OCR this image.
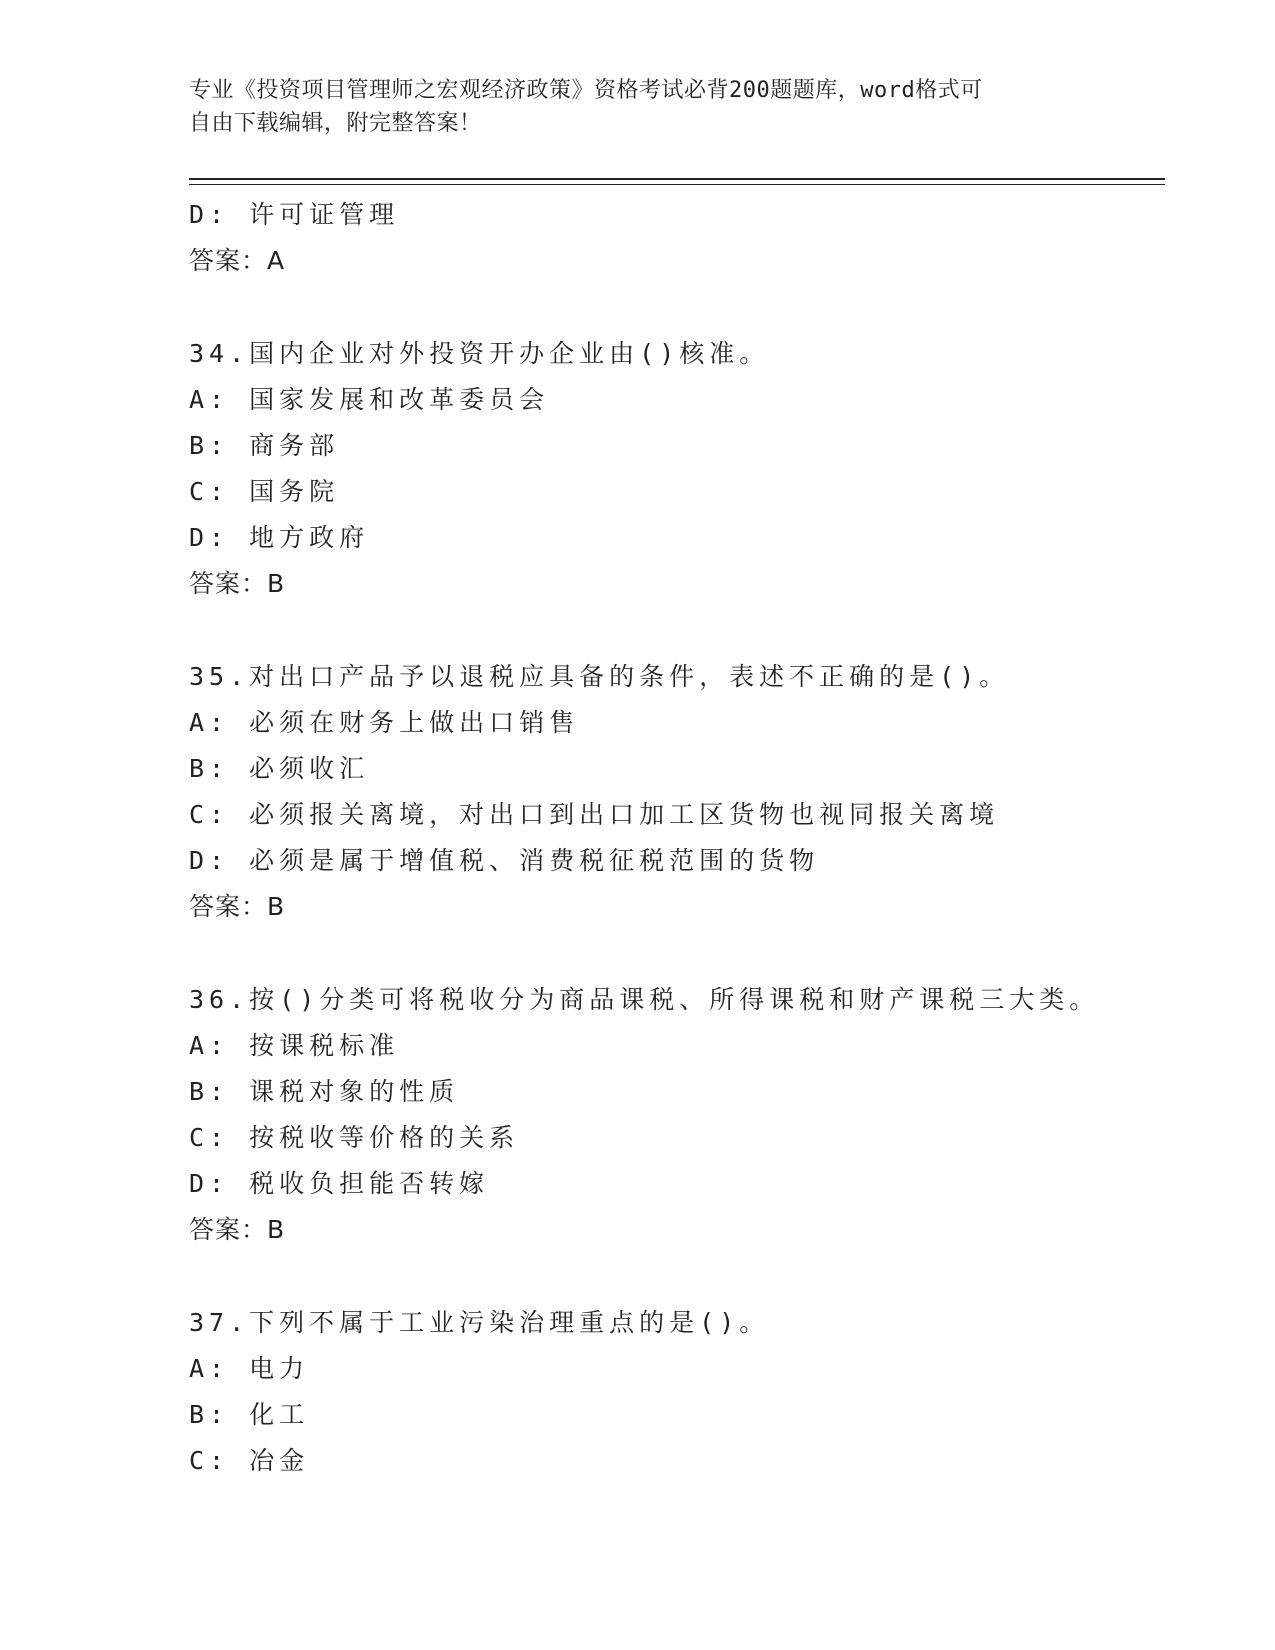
专业《投资项目管理师之宏观经济政策》资格考试必背200题题库，word格式可
自由下载编辑，附完整答案！
D: 许可证管理
答案：A
34.国内企业对外投资开办企业由()核准。
A: 国家发展和改革委员会
B: 商务部
C: 国务院
D: 地方政府
答案：B
35.对出口产品予以退税应具备的条件，表述不正确的是()。
A: 必须在财务上做出口销售
B: 必须收汇
C: 必须报关离境，对出口到出口加工区货物也视同报关离境
D: 必须是属于增值税、消费税征税范围的货物
答案：B
36.按()分类可将税收分为商品课税、所得课税和财产课税三大类。
A: 按课税标准
B: 课税对象的性质
C: 按税收等价格的关系
D: 税收负担能否转嫁
答案：B
37.下列不属于工业污染治理重点的是()。
A: 电力
B: 化工
C: 冶金
